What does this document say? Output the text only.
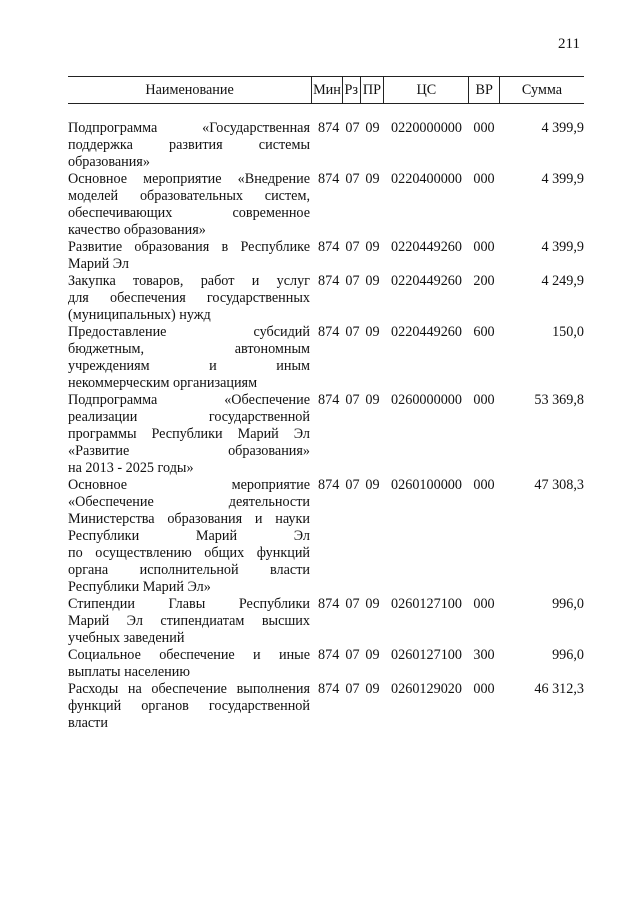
211
Наименование	Мин Рз ПР	ЦС	ВР	Сумма
Подпрограмма «Государственная
поддержка развития системы
образования»
874 07 09 0220000000 000	4 399,9
Основное мероприятие «Внедрение
моделей образовательных систем,
обеспечивающих современное
качество образования»
874 07 09 0220400000 000	4 399,9
Развитие образования в Республике
Марий Эл
874 07 09 0220449260 000	4 399,9
Закупка товаров, работ и услуг
для обеспечения государственных
(муниципальных) нужд
874 07 09 0220449260 200	4 249,9
Предоставление субсидий
бюджетным, автономным
учреждениям и иным
некоммерческим организациям
874 07 09 0220449260 600	150,0
Подпрограмма «Обеспечение
реализации государственной
программы Республики Марий Эл
«Развитие образования»
на 2013 - 2025 годы»
874 07 09 0260000000 000	53 369,8
Основное мероприятие
«Обеспечение деятельности
Министерства образования и науки
Республики Марий Эл
по осуществлению общих функций
органа исполнительной власти
Республики Марий Эл»
874 07 09 0260100000 000	47 308,3
Стипендии Главы Республики
Марий Эл стипендиатам высших
учебных заведений
874 07 09 0260127100 000	996,0
Социальное обеспечение и иные
выплаты населению
874 07 09 0260127100 300	996,0
Расходы на обеспечение выполнения
функций органов государственной
власти
874 07 09 0260129020 000	46 312,3
